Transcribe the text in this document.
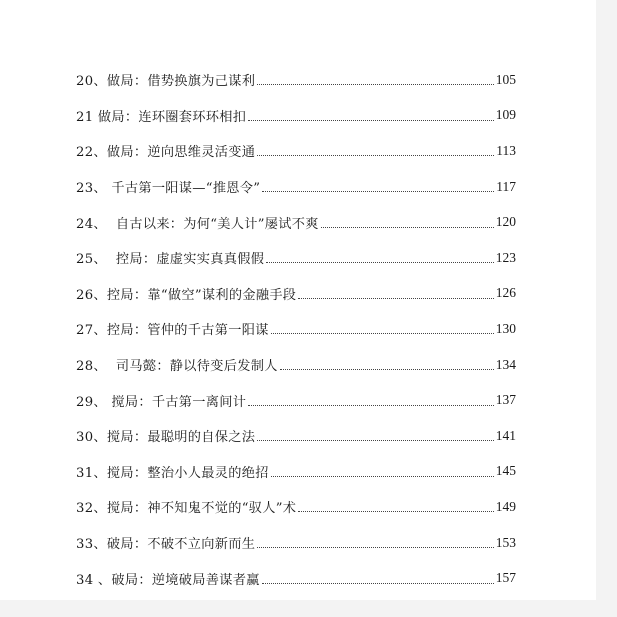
20、做局：借势换旗为己谋利	105
21 做局：连环圈套环环相扣	109
22、做局：逆向思维灵活变通	113
23、 千古第一阳谋—“推恩令”	117
24、  自古以来：为何“美人计”屡试不爽	120
25、  控局：虚虚实实真真假假	123
26、控局：靠“做空”谋利的金融手段	126
27、控局：管仲的千古第一阳谋	130
28、  司马懿：静以待变后发制人	134
29、 搅局：千古第一离间计	137
30、搅局：最聪明的自保之法	141
31、搅局：整治小人最灵的绝招	145
32、搅局：神不知鬼不觉的“驭人”术	149
33、破局：不破不立向新而生	153
34 、破局：逆境破局善谋者赢	157
